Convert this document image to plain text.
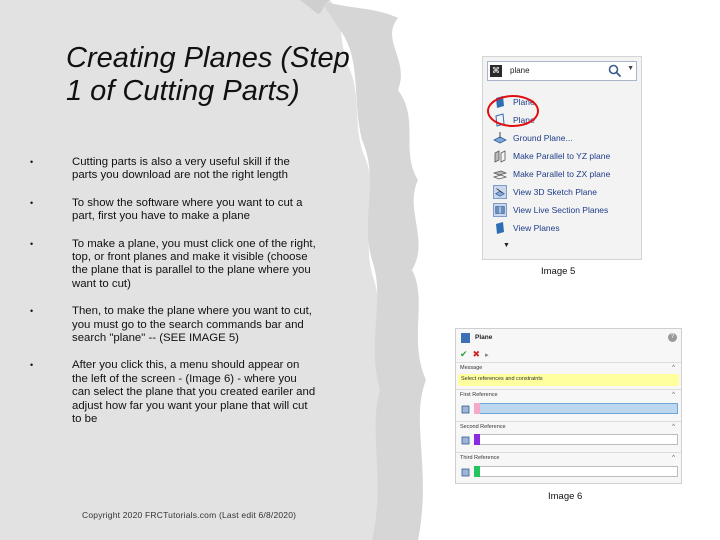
Creating Planes (Step 1 of Cutting Parts)
•	Cutting parts is also a very useful skill if the parts you download are not the right length
•	To show the software where you want to cut a part, first you have to make a plane
•	To make a plane, you must click one of the right, top, or front planes and make it visible (choose the plane that is parallel to the plane where you want to cut)
•	Then, to make the plane where you want to cut, you must go to the search commands bar and search "plane" -- (SEE IMAGE 5)
•	After you click this, a menu should appear on the left of the screen - (Image 6) - where you can select the plane that you created eariler and adjust how far you want your plane that will cut to be
Copyright 2020 FRCTutorials.com (Last edit 6/8/2020)
⌘ plane	▼
Plane
Plane
Ground Plane...
Make Parallel to YZ plane
Make Parallel to ZX plane
View 3D Sketch Plane
View Live Section Planes
View Planes
▼
Image 5
Plane	?
✔ ✖ ▸
Message	^
Select references and constraints
First Reference	^
Second Reference	^
Third Reference	^
Image 6
